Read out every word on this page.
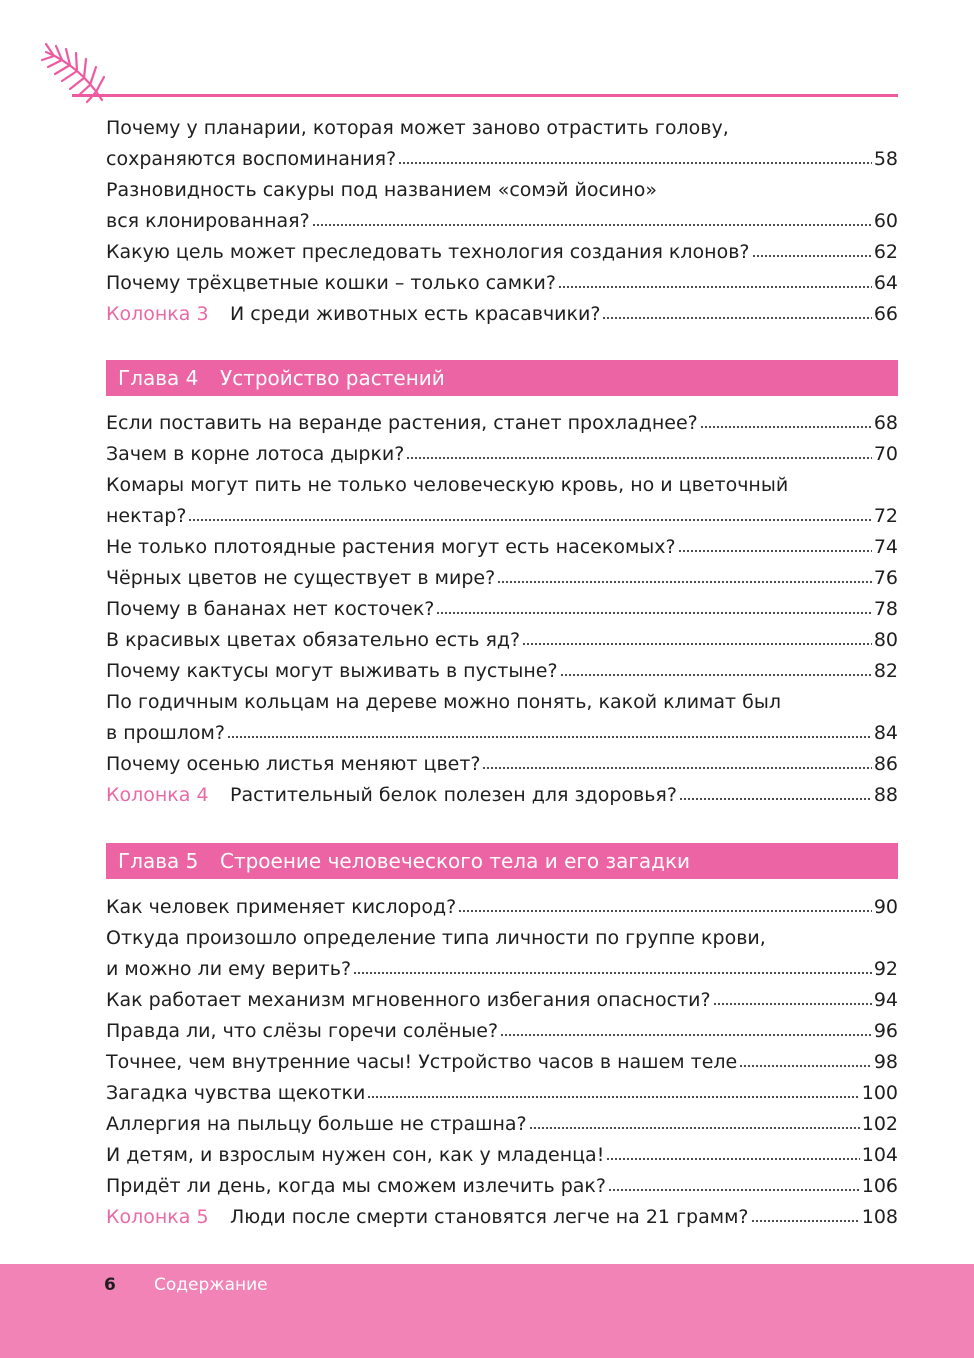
Почему у планарии, которая может заново отрастить голову,
сохраняются воспоминания?	58
Разновидность сакуры под названием «сомэй йосино»
вся клонированная?	60
Какую цель может преследовать технология создания клонов?	62
Почему трёхцветные кошки – только самки?	64
Колонка 3 И среди животных есть красавчики?	66
Глава 4 Устройство растений
Если поставить на веранде растения, станет прохладнее?	68
Зачем в корне лотоса дырки?	70
Комары могут пить не только человеческую кровь, но и цветочный
нектар?	72
Не только плотоядные растения могут есть насекомых?	74
Чёрных цветов не существует в мире?	76
Почему в бананах нет косточек?	78
В красивых цветах обязательно есть яд?	80
Почему кактусы могут выживать в пустыне?	82
По годичным кольцам на дереве можно понять, какой климат был
в прошлом?	84
Почему осенью листья меняют цвет?	86
Колонка 4 Растительный белок полезен для здоровья?	88
Глава 5 Строение человеческого тела и его загадки
Как человек применяет кислород?	90
Откуда произошло определение типа личности по группе крови,
и можно ли ему верить?	92
Как работает механизм мгновенного избегания опасности?	94
Правда ли, что слёзы горечи солёные?	96
Точнее, чем внутренние часы! Устройство часов в нашем теле	98
Загадка чувства щекотки	100
Аллергия на пыльцу больше не страшна?	102
И детям, и взрослым нужен сон, как у младенца!	104
Придёт ли день, когда мы сможем излечить рак?	106
Колонка 5 Люди после смерти становятся легче на 21 грамм?	108
6 Содержание
